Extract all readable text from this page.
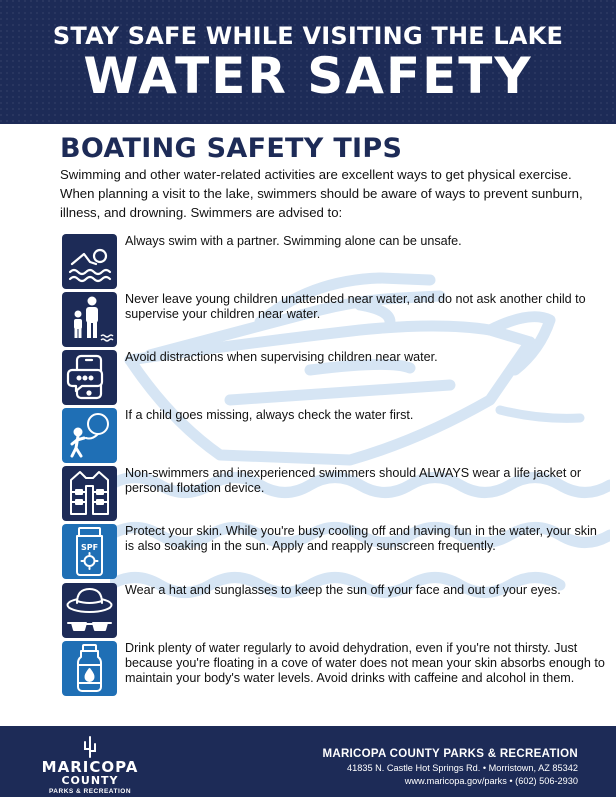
STAY SAFE WHILE VISITING THE LAKE
WATER SAFETY
BOATING SAFETY TIPS
Swimming and other water-related activities are excellent ways to get physical exercise. When planning a visit to the lake, swimmers should be aware of ways to prevent sunburn, illness, and drowning. Swimmers are advised to:
Always swim with a partner. Swimming alone can be unsafe.
Never leave young children unattended near water, and do not ask another child to supervise your children near water.
Avoid distractions when supervising children near water.
If a child goes missing, always check the water first.
Non-swimmers and inexperienced swimmers should ALWAYS wear a life jacket or personal flotation device.
SPF
Protect your skin. While you're busy cooling off and having fun in the water, your skin is also soaking in the sun. Apply and reapply sunscreen frequently.
Wear a hat and sunglasses to keep the sun off your face and out of your eyes.
Drink plenty of water regularly to avoid dehydration, even if you're not thirsty. Just because you're floating in a cove of water does not mean your skin absorbs enough to maintain your body's water levels. Avoid drinks with caffeine and alcohol in them.
MARICOPA
COUNTY
PARKS & RECREATION
MARICOPA COUNTY PARKS & RECREATION
41835 N. Castle Hot Springs Rd. • Morristown, AZ 85342
www.maricopa.gov/parks • (602) 506-2930
